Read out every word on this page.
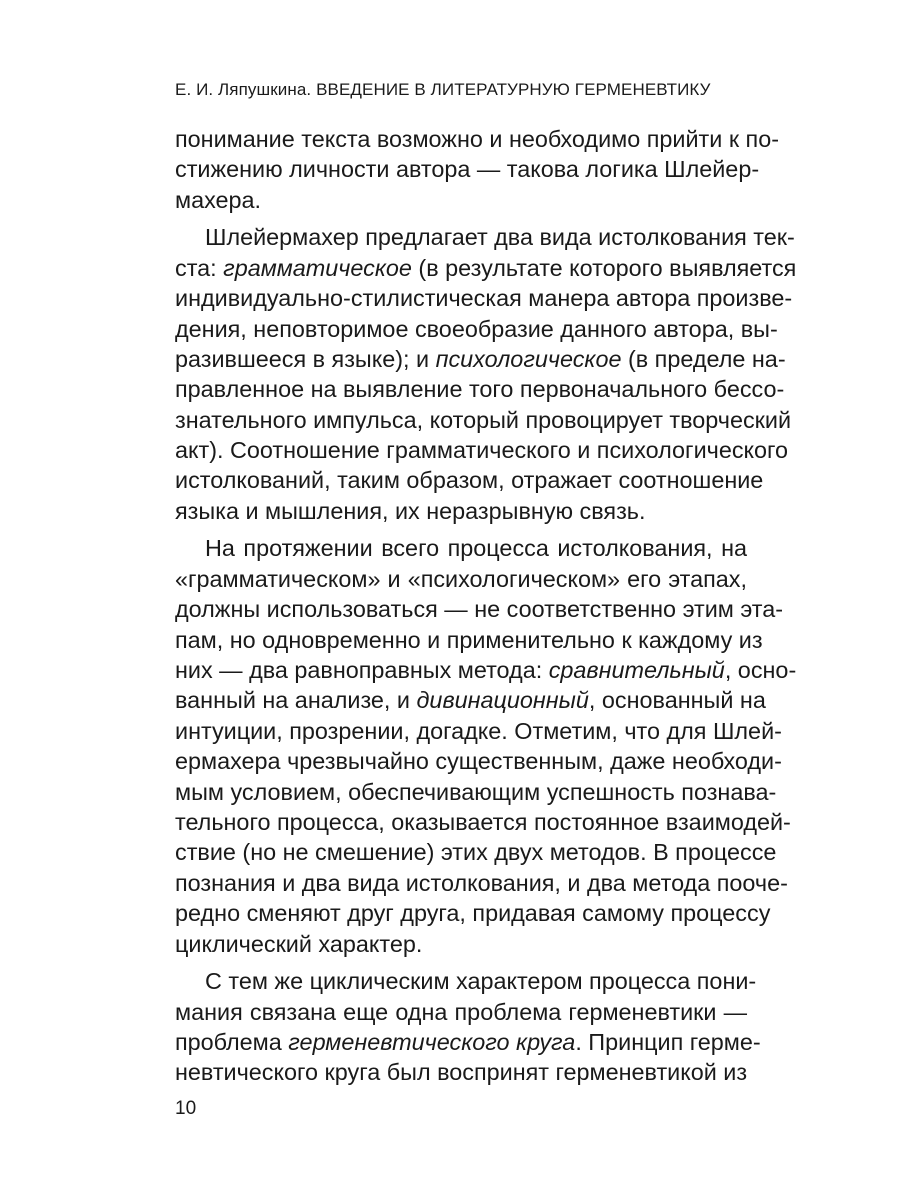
Е. И. Ляпушкина. ВВЕДЕНИЕ В ЛИТЕРАТУРНУЮ ГЕРМЕНЕВТИКУ
понимание текста возможно и необходимо прийти к по-
стижению личности автора — такова логика Шлейер-
махера.
Шлейермахер предлагает два вида истолкования тек-
ста: грамматическое (в результате которого выявляется
индивидуально-стилистическая манера автора произве-
дения, неповторимое своеобразие данного автора, вы-
разившееся в языке); и психологическое (в пределе на-
правленное на выявление того первоначального бессо-
знательного импульса, который провоцирует творческий
акт). Соотношение грамматического и психологического
истолкований, таким образом, отражает соотношение
языка и мышления, их неразрывную связь.
На протяжении всего процесса истолкования, на
«грамматическом» и «психологическом» его этапах,
должны использоваться — не соответственно этим эта-
пам, но одновременно и применительно к каждому из
них — два равноправных метода: сравнительный, осно-
ванный на анализе, и дивинационный, основанный на
интуиции, прозрении, догадке. Отметим, что для Шлей-
ермахера чрезвычайно существенным, даже необходи-
мым условием, обеспечивающим успешность познава-
тельного процесса, оказывается постоянное взаимодей-
ствие (но не смешение) этих двух методов. В процессе
познания и два вида истолкования, и два метода пооче-
редно сменяют друг друга, придавая самому процессу
циклический характер.
С тем же циклическим характером процесса пони-
мания связана еще одна проблема герменевтики —
проблема герменевтического круга. Принцип герме-
невтического круга был воспринят герменевтикой из
10
